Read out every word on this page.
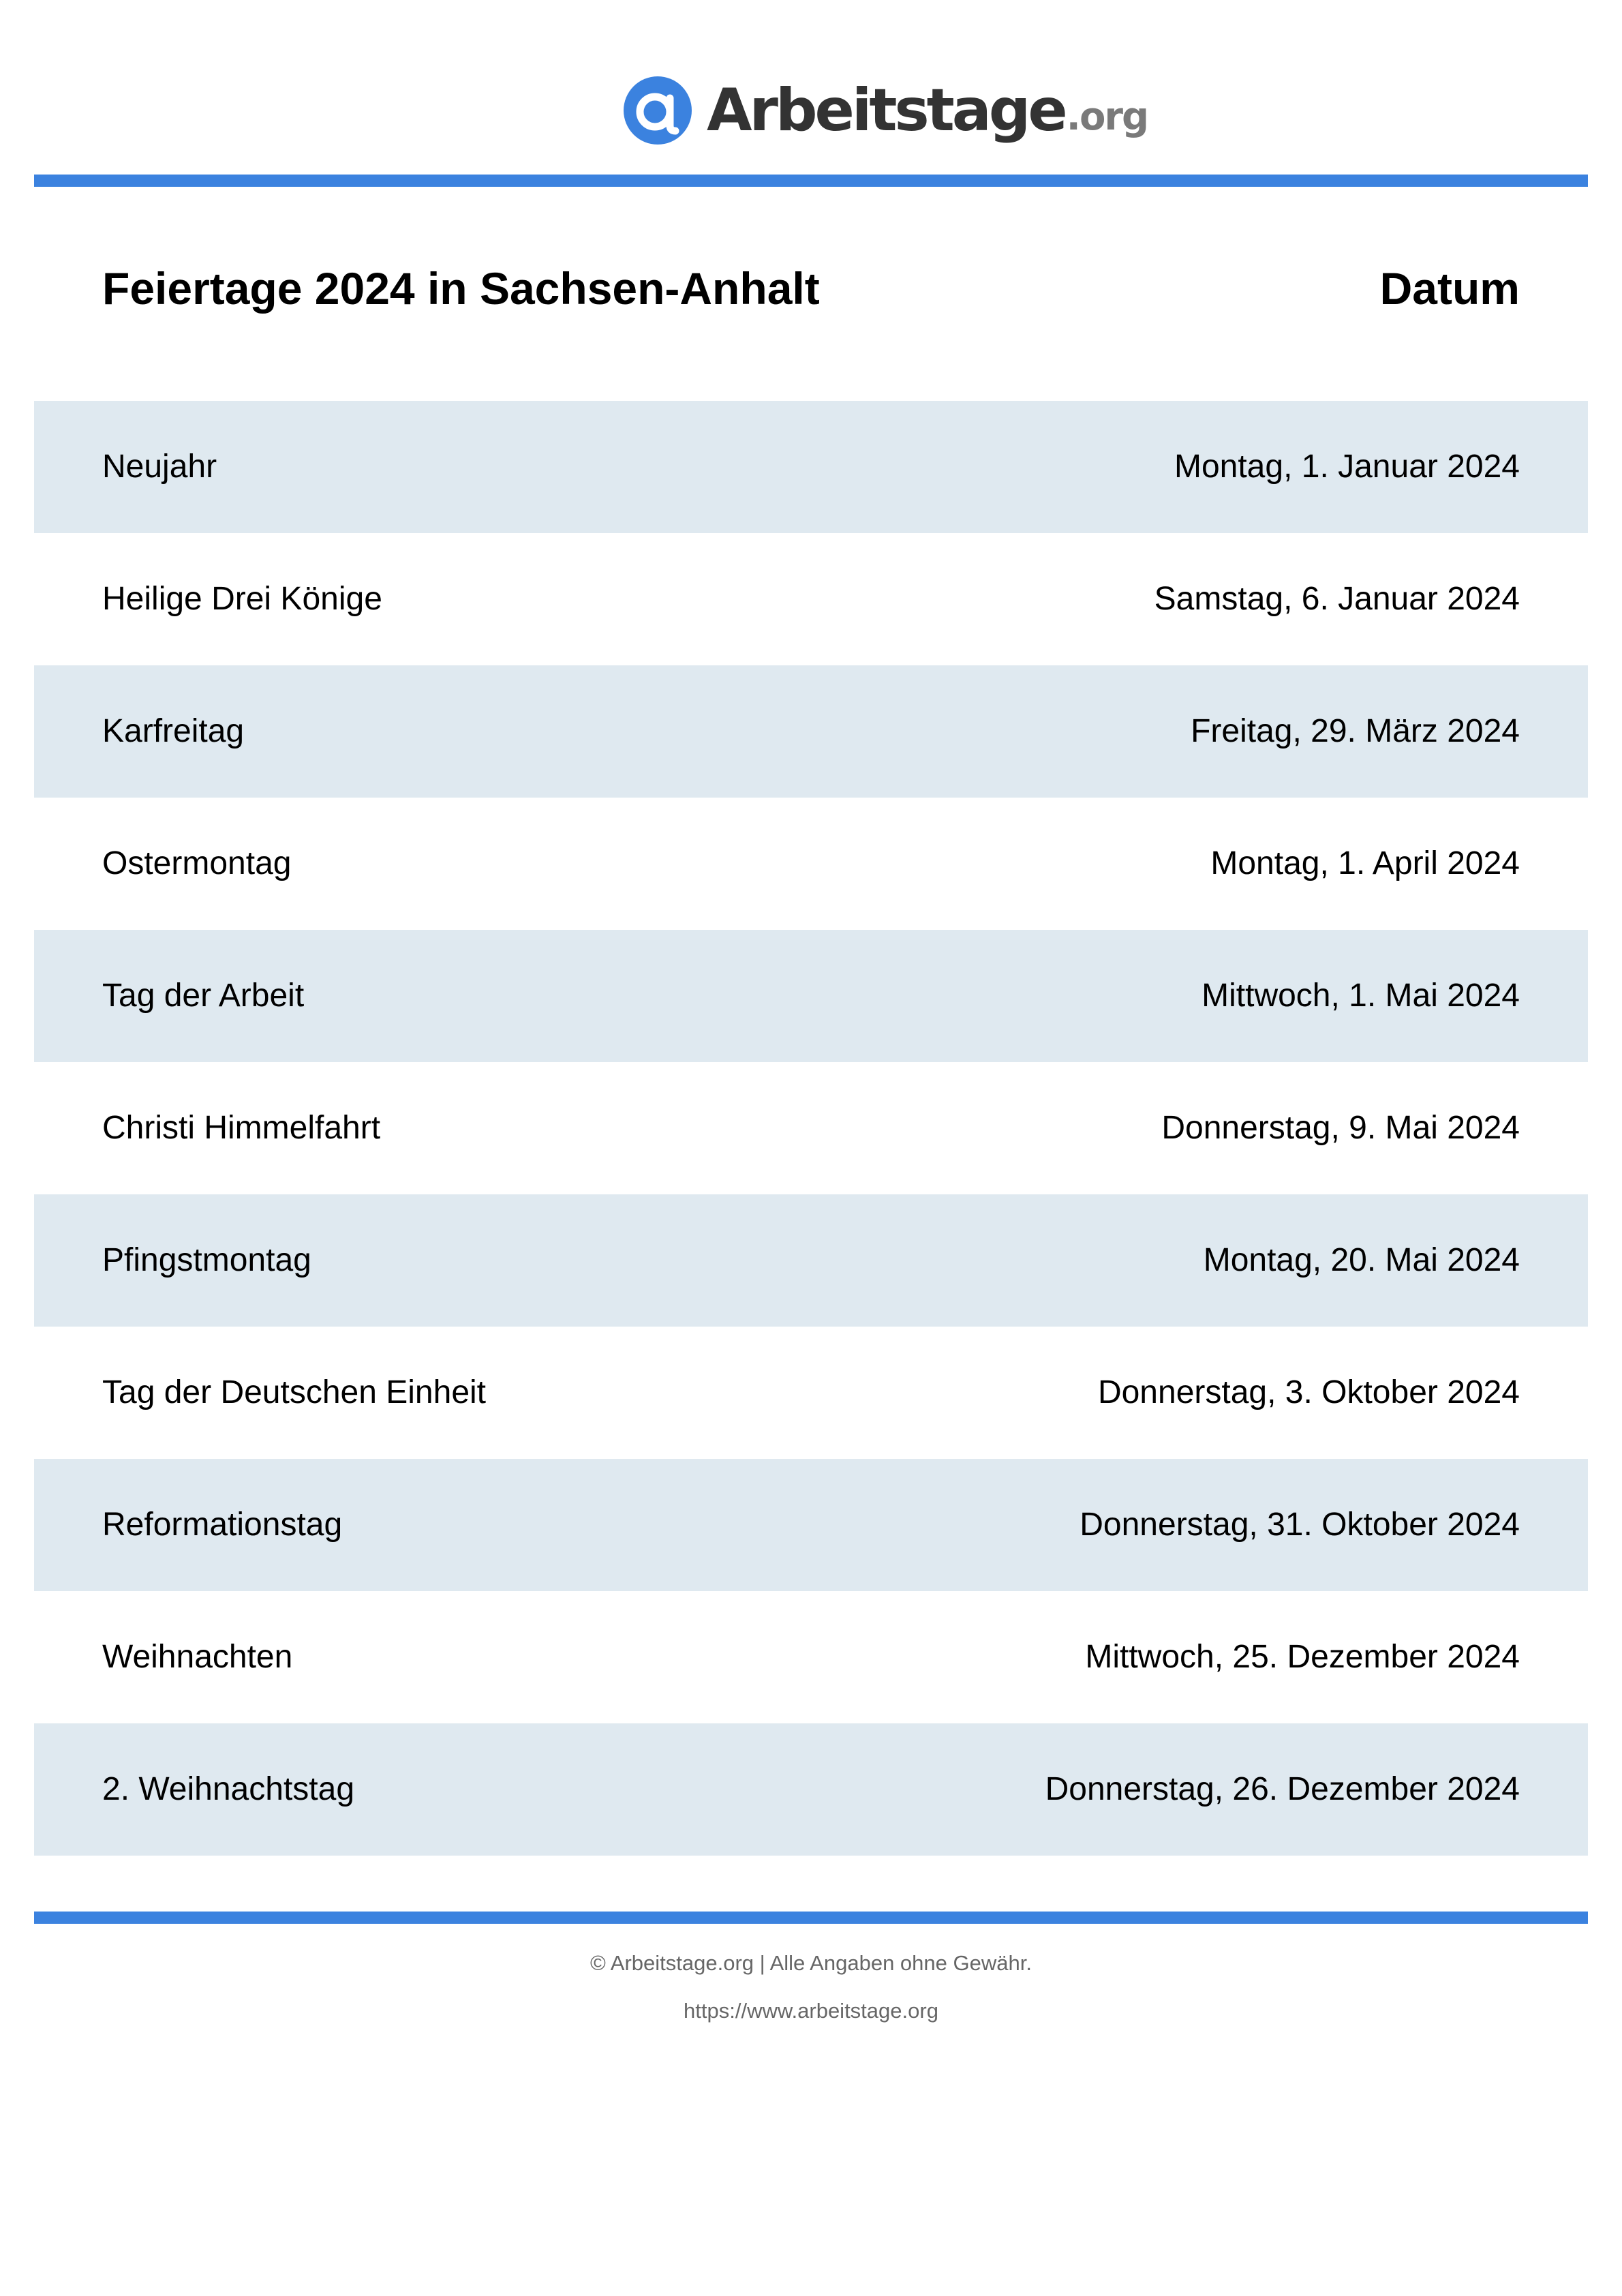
Arbeitstage .org
Feiertage 2024 in Sachsen-Anhalt	Datum
Neujahr	Montag, 1. Januar 2024
Heilige Drei Könige	Samstag, 6. Januar 2024
Karfreitag	Freitag, 29. März 2024
Ostermontag	Montag, 1. April 2024
Tag der Arbeit	Mittwoch, 1. Mai 2024
Christi Himmelfahrt	Donnerstag, 9. Mai 2024
Pfingstmontag	Montag, 20. Mai 2024
Tag der Deutschen Einheit	Donnerstag, 3. Oktober 2024
Reformationstag	Donnerstag, 31. Oktober 2024
Weihnachten	Mittwoch, 25. Dezember 2024
2. Weihnachtstag	Donnerstag, 26. Dezember 2024
© Arbeitstage.org | Alle Angaben ohne Gewähr.
https://www.arbeitstage.org
